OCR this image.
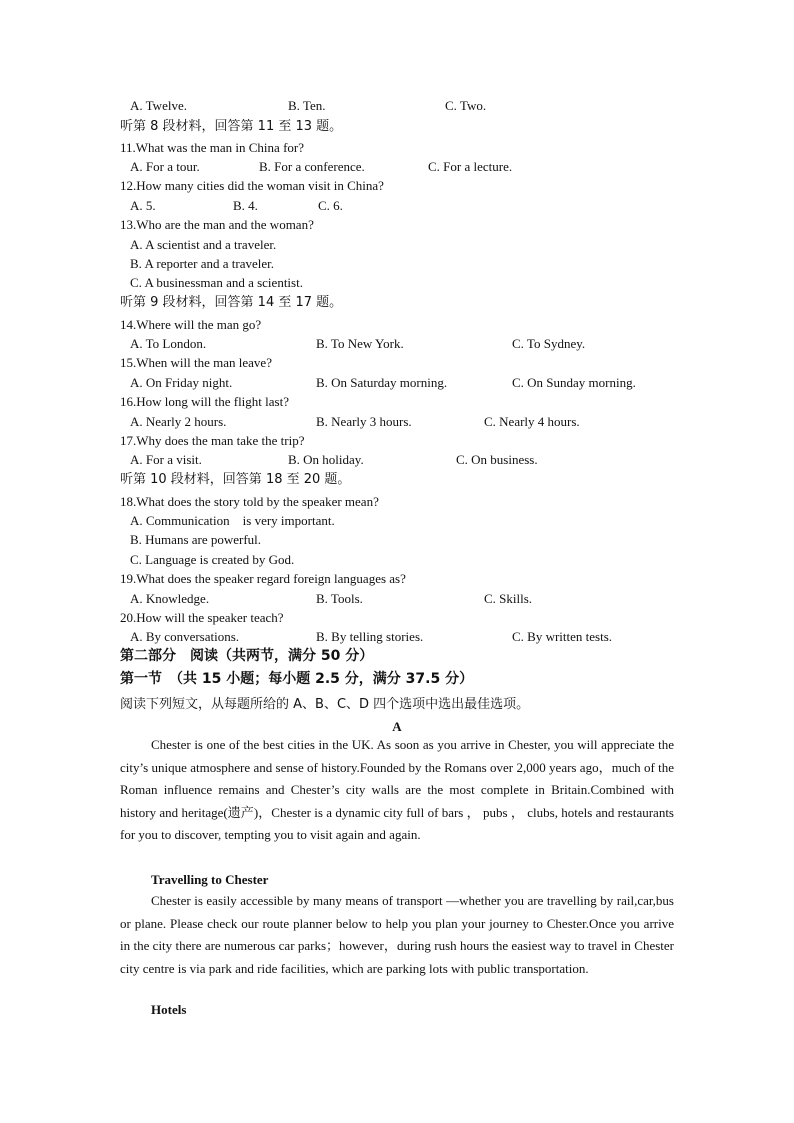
A. Twelve.	B. Ten.	C. Two.
听第 8 段材料，回答第 11 至 13 题。
11.What was the man in China for?
A. For a tour.	B. For a conference.	C. For a lecture.
12.How many cities did the woman visit in China?
A. 5.	B. 4.	C. 6.
13.Who are the man and the woman?
A. A scientist and a traveler.
B. A reporter and a traveler.
C. A businessman and a scientist.
听第 9 段材料，回答第 14 至 17 题。
14.Where will the man go?
A. To London.	B. To New York.	C. To Sydney.
15.When will the man leave?
A. On Friday night.	B. On Saturday morning.	C. On Sunday morning.
16.How long will the flight last?
A. Nearly 2 hours.	B. Nearly 3 hours.	C. Nearly 4 hours.
17.Why does the man take the trip?
A. For a visit.	B. On holiday.	C. On business.
听第 10 段材料，回答第 18 至 20 题。
18.What does the story told by the speaker mean?
A. Communication    is very important.
B. Humans are powerful.
C. Language is created by God.
19.What does the speaker regard foreign languages as?
A. Knowledge.	B. Tools.	C. Skills.
20.How will the speaker teach?
A. By conversations.	B. By telling stories.	C. By written tests.
第二部分　阅读（共两节，满分 50 分）
第一节　（共 15 小题；每小题 2.5 分，满分 37.5 分）
阅读下列短文，从每题所给的 A、B、C、D 四个选项中选出最佳选项。
A
Chester is one of the best cities in the UK. As soon as you arrive in Chester, you will appreciate the city’s unique atmosphere and sense of history.Founded by the Romans over 2,000 years ago，much of the Roman influence remains and Chester’s city walls are the most complete in Britain.Combined with history and heritage(遗产)，Chester is a dynamic city full of bars ， pubs ， clubs, hotels and restaurants for you to discover, tempting you to visit again and again.
Travelling to Chester
Chester is easily accessible by many means of transport —whether you are travelling by rail,car,bus or plane. Please check our route planner below to help you plan your journey to Chester.Once you arrive in the city there are numerous car parks；however，during rush hours the easiest way to travel in Chester city centre is via park and ride facilities, which are parking lots with public transportation.
Hotels
